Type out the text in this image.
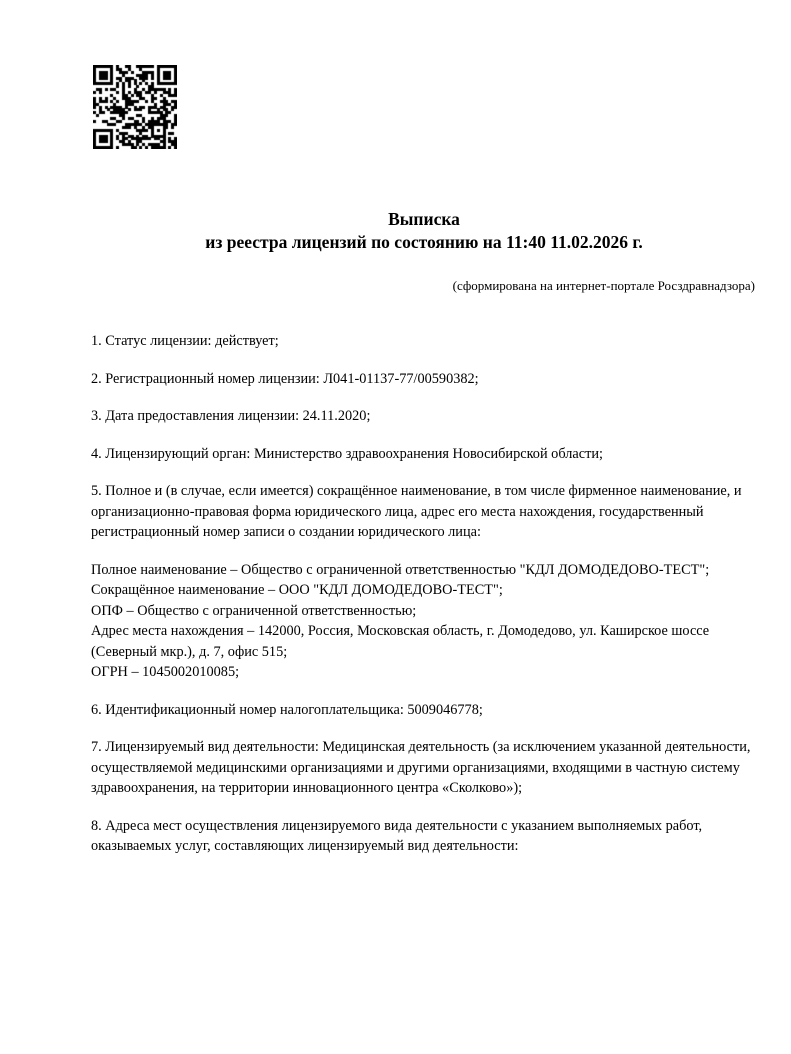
Выписка
из реестра лицензий по состоянию на 11:40 11.02.2026 г.
(сформирована на интернет-портале Росздравнадзора)

1. Статус лицензии: действует;

2. Регистрационный номер лицензии: Л041-01137-77/00590382;

3. Дата предоставления лицензии: 24.11.2020;

4. Лицензирующий орган: Министерство здравоохранения Новосибирской области;

5. Полное и (в случае, если имеется) сокращённое наименование, в том числе фирменное наименование, и организационно-правовая форма юридического лица, адрес его места нахождения, государственный регистрационный номер записи о создании юридического лица:

Полное наименование – Общество с ограниченной ответственностью "КДЛ ДОМОДЕДОВО-ТЕСТ";
Сокращённое наименование – ООО "КДЛ ДОМОДЕДОВО-ТЕСТ";
ОПФ – Общество с ограниченной ответственностью;
Адрес места нахождения – 142000, Россия, Московская область, г. Домодедово, ул. Каширское шоссе (Северный мкр.), д. 7, офис 515;
ОГРН – 1045002010085;

6. Идентификационный номер налогоплательщика: 5009046778;

7. Лицензируемый вид деятельности: Медицинская деятельность (за исключением указанной деятельности, осуществляемой медицинскими организациями и другими организациями, входящими в частную систему здравоохранения, на территории инновационного центра «Сколково»);

8. Адреса мест осуществления лицензируемого вида деятельности с указанием выполняемых работ, оказываемых услуг, составляющих лицензируемый вид деятельности:
